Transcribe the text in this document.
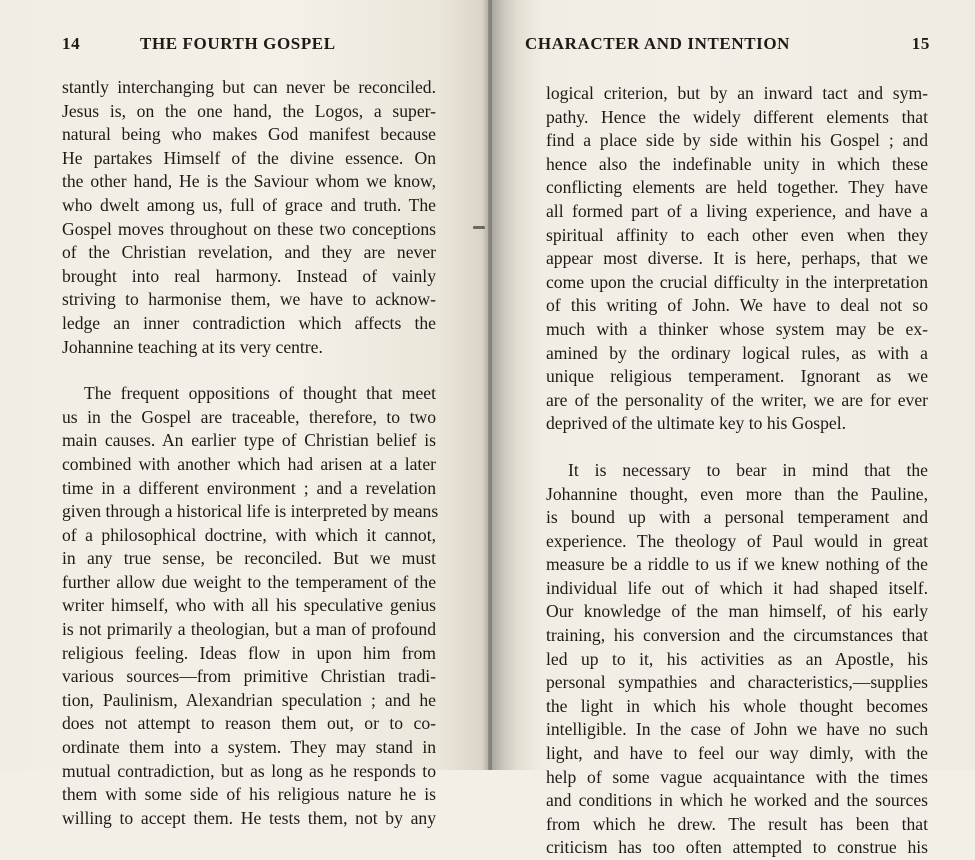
14	THE FOURTH GOSPEL	CHARACTER AND INTENTION	15
stantly interchanging but can never be reconciled.
Jesus is, on the one hand, the Logos, a super-
natural being who makes God manifest because
He partakes Himself of the divine essence. On
the other hand, He is the Saviour whom we know,
who dwelt among us, full of grace and truth. The
Gospel moves throughout on these two conceptions
of the Christian revelation, and they are never
brought into real harmony. Instead of vainly
striving to harmonise them, we have to acknow-
ledge an inner contradiction which affects the
Johannine teaching at its very centre.
The frequent oppositions of thought that meet
us in the Gospel are traceable, therefore, to two
main causes. An earlier type of Christian belief is
combined with another which had arisen at a later
time in a different environment ; and a revelation
given through a historical life is interpreted by means
of a philosophical doctrine, with which it cannot,
in any true sense, be reconciled. But we must
further allow due weight to the temperament of the
writer himself, who with all his speculative genius
is not primarily a theologian, but a man of profound
religious feeling. Ideas flow in upon him from
various sources—from primitive Christian tradi-
tion, Paulinism, Alexandrian speculation ; and he
does not attempt to reason them out, or to co-
ordinate them into a system. They may stand in
mutual contradiction, but as long as he responds to
them with some side of his religious nature he is
willing to accept them. He tests them, not by any
logical criterion, but by an inward tact and sym-
pathy. Hence the widely different elements that
find a place side by side within his Gospel ; and
hence also the indefinable unity in which these
conflicting elements are held together. They have
all formed part of a living experience, and have a
spiritual affinity to each other even when they
appear most diverse. It is here, perhaps, that we
come upon the crucial difficulty in the interpretation
of this writing of John. We have to deal not so
much with a thinker whose system may be ex-
amined by the ordinary logical rules, as with a
unique religious temperament. Ignorant as we
are of the personality of the writer, we are for ever
deprived of the ultimate key to his Gospel.
It is necessary to bear in mind that the
Johannine thought, even more than the Pauline,
is bound up with a personal temperament and
experience. The theology of Paul would in great
measure be a riddle to us if we knew nothing of the
individual life out of which it had shaped itself.
Our knowledge of the man himself, of his early
training, his conversion and the circumstances that
led up to it, his activities as an Apostle, his
personal sympathies and characteristics,—supplies
the light in which his whole thought becomes
intelligible. In the case of John we have no such
light, and have to feel our way dimly, with the
help of some vague acquaintance with the times
and conditions in which he worked and the sources
from which he drew. The result has been that
criticism has too often attempted to construe his
